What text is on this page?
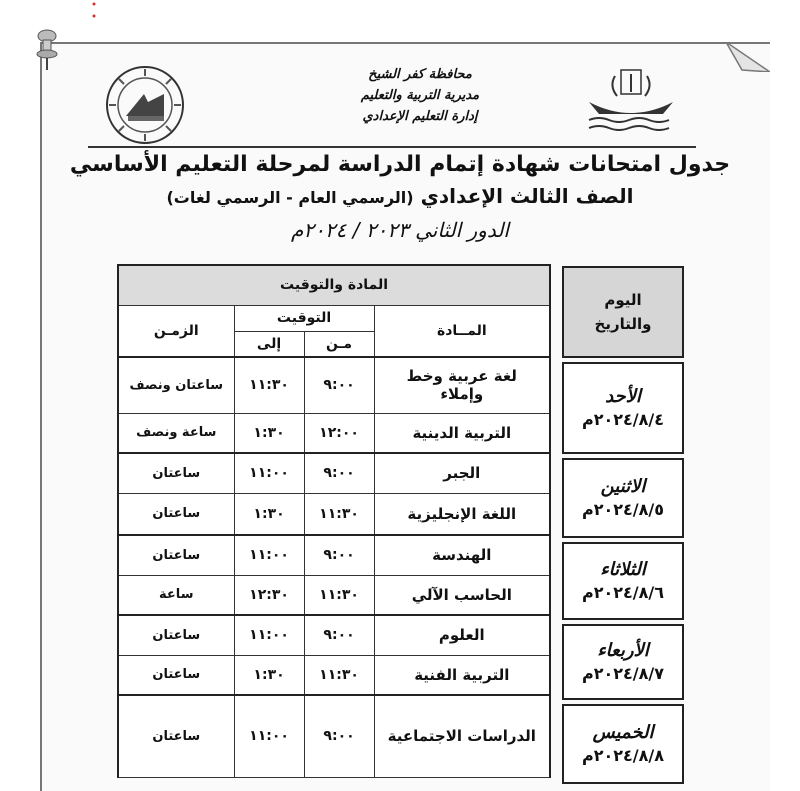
محافظة كفر الشيخ
مديرية التربية والتعليم
إدارة التعليم الإعدادي
جدول امتحانات شهادة إتمام الدراسة لمرحلة التعليم الأساسي
الصف الثالث الإعدادي (الرسمي العام - الرسمي لغات)
الدور الثاني ٢٠٢٣ / ٢٠٢٤م
اليوم والتاريخ
الأحد
٢٠٢٤/٨/٤م
الاثنين
٢٠٢٤/٨/٥م
الثلاثاء
٢٠٢٤/٨/٦م
الأربعاء
٢٠٢٤/٨/٧م
الخميس
٢٠٢٤/٨/٨م
المادة والتوقيت			
المــادة	التوقيت		الزمـن
	مـن	إلى	
لغة عربية وخط وإملاء	٩:٠٠	١١:٣٠	ساعتان ونصف
التربية الدينية	١٢:٠٠	١:٣٠	ساعة ونصف
الجبر	٩:٠٠	١١:٠٠	ساعتان
اللغة الإنجليزية	١١:٣٠	١:٣٠	ساعتان
الهندسة	٩:٠٠	١١:٠٠	ساعتان
الحاسب الآلي	١١:٣٠	١٢:٣٠	ساعة
العلوم	٩:٠٠	١١:٠٠	ساعتان
التربية الفنية	١١:٣٠	١:٣٠	ساعتان
الدراسات الاجتماعية	٩:٠٠	١١:٠٠	ساعتان
